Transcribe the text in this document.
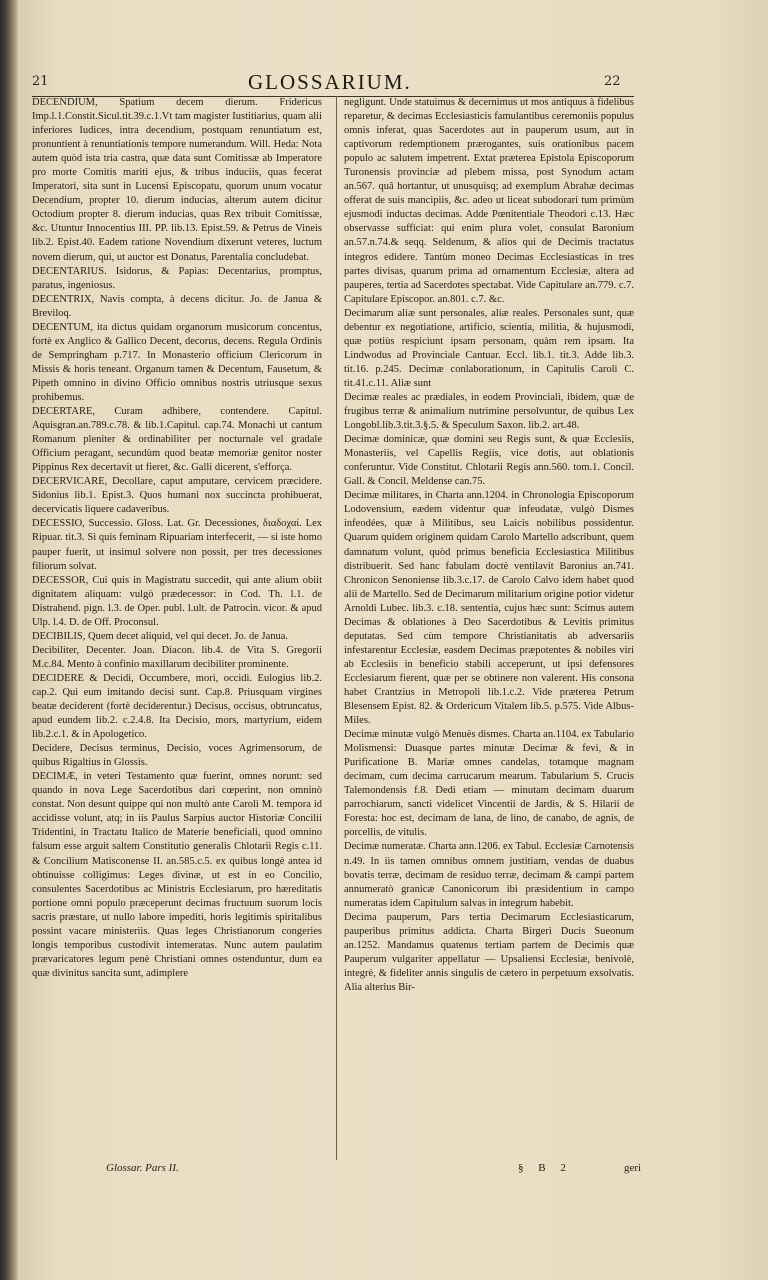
21	GLOSSARIUM.	22

DECENDIUM, Spatium decem dierum. Fridericus Imp.l.1.Constit.Sicul.tit.39.c.1.Vt tam magister Iustitiarius, quam alii inferiores Iudices, intra decendium, postquam renuntiatum est, pronuntient à renuntiationis tempore numerandum. Will. Heda: Nota autem quòd ista tria castra, quæ data sunt Comitissæ ab Imperatore pro morte Comitis mariti ejus, & tribus induciis, quas fecerat Imperatori, sita sunt in Lucensi Episcopatu, quorum unum vocatur Decendium, propter 10. dierum inducias, alterum autem dicitur Octodium propter 8. dierum inducias, quas Rex tribuit Comitissæ, &c. Utuntur Innocentius III. PP. lib.13. Epist.59. & Petrus de Vineis lib.2. Epist.40. Eadem ratione Novendium dixerunt veteres, luctum novem dierum, qui, ut auctor est Donatus, Parentalia concludebat.

DECENTARIUS. Isidorus, & Papias: Decentarius, promptus, paratus, ingeniosus.

DECENTRIX, Navis compta, à decens dicitur. Jo. de Janua & Breviloq.

DECENTUM, ita dictus quidam organorum musicorum concentus, fortè ex Anglico & Gallico Decent, decorus, decens. Regula Ordinis de Sempringham p.717. In Monasterio officium Clericorum in Missis & horis teneant. Organum tamen & Decentum, Fausetum, & Pipeth omnino in divino Officio omnibus nostris utriusque sexus prohibemus.

DECERTARE, Curam adhibere, contendere. Capitul. Aquisgran.an.789.c.78. & lib.1.Capitul. cap.74. Monachi ut cantum Romanum pleniter & ordinabiliter per nocturnale vel gradale Officium peragant, secundùm quod beatæ memoriæ genitor noster Pippinus Rex decertavit ut fieret, &c. Galli dicerent, s'efforça.

DECERVICARE, Decollare, caput amputare, cervicem præcidere. Sidonius lib.1. Epist.3. Quos humani nox succincta prohibuerat, decervicatis liquere cadaveribus.

DECESSIO, Successio. Gloss. Lat. Gr. Decessiones, διαδοχαί. Lex Ripuar. tit.3. Si quis feminam Ripuariam interfecerit, — si iste homo pauper fuerit, ut insimul solvere non possit, per tres decessiones filiorum solvat.

DECESSOR, Cui quis in Magistratu succedit, qui ante alium obiit dignitatem aliquam: vulgò prædecessor: in Cod. Th. l.1. de Distrahend. pign. l.3. de Oper. publ. l.ult. de Patrocin. vicor. & apud Ulp. l.4. D. de Off. Proconsul.

DECIBILIS, Quem decet aliquid, vel qui decet. Jo. de Janua.

Decibiliter, Decenter. Joan. Diacon. lib.4. de Vita S. Gregorii M.c.84. Mento à confinio maxillarum decibiliter prominente.

DECIDERE & Decidi, Occumbere, mori, occidi. Eulogius lib.2. cap.2. Qui eum imitando decisi sunt. Cap.8. Priusquam virgines beatæ deciderent (fortè deciderentur.) Decisus, occisus, obtruncatus, apud eundem lib.2. c.2.4.8. Ita Decisio, mors, martyrium, eidem lib.2.c.1. & in Apologetico.

Decidere, Decisus terminus, Decisio, voces Agrimensorum, de quibus Rigaltius in Glossis.

DECIMÆ, in veteri Testamento quæ fuerint, omnes norunt: sed quando in nova Lege Sacerdotibus dari cœperint, non omninò constat. Non desunt quippe qui non multò ante Caroli M. tempora id accidisse volunt, atq; in iis Paulus Sarpius auctor Historiæ Concilii Tridentini, in Tractatu Italico de Materie beneficiali, quod omnino falsum esse arguit saltem Constitutio generalis Chlotarii Regis c.11. & Concilium Matisconense II. an.585.c.5. ex quibus longè antea id obtinuisse colligimus: Leges divinæ, ut est in eo Concilio, consulentes Sacerdotibus ac Ministris Ecclesiarum, pro hæreditatis portione omni populo præceperunt decimas fructuum suorum locis sacris præstare, ut nullo labore impediti, horis legitimis spiritalibus possint vacare ministeriis. Quas leges Christianorum congeries longis temporibus custodivit intemeratas. Nunc autem paulatim prævaricatores legum penè Christiani omnes ostenduntur, dum ea quæ divinitus sancita sunt, adimplere

negligunt. Unde statuimus & decernimus ut mos antiquus à fidelibus reparetur, & decimas Ecclesiasticis famulantibus ceremoniis populus omnis inferat, quas Sacerdotes aut in pauperum usum, aut in captivorum redemptionem prærogantes, suis orationibus pacem populo ac salutem impetrent. Extat præterea Epistola Episcoporum Turonensis provinciæ ad plebem missa, post Synodum actam an.567. quâ hortantur, ut unusquisq; ad exemplum Abrahæ decimas offerat de suis mancipiis, &c. adeo ut liceat subodorari tum primùm ejusmodi inductas decimas. Adde Pœnitentiale Theodori c.13. Hæc observasse sufficiat: qui enim plura volet, consulat Baronium an.57.n.74.& seqq. Seldenum, & alios qui de Decimis tractatus integros ediderе. Tantùm moneo Decimas Ecclesiasticas in tres partes divisas, quarum prima ad ornamentum Ecclesiæ, altera ad pauperes, tertia ad Sacerdotes spectabat. Vide Capitulare an.779. c.7. Capitulare Episcopor. an.801. c.7. &c.

Decimarum aliæ sunt personales, aliæ reales. Personales sunt, quæ debentur ex negotiatione, artificio, scientia, militia, & hujusmodi, quæ potiùs respiciunt ipsam personam, quàm rem ipsam. Ita Lindwodus ad Provinciale Cantuar. Eccl. lib.1. tit.3. Adde lib.3. tit.16. p.245. Decimæ conlaborationum, in Capitulis Caroli C. tit.41.c.11. Aliæ sunt

Decimæ reales ac prædiales, in eodem Provinciali, ibidem, quæ de frugibus terræ & animalium nutrimine persolvuntur, de quibus Lex Longobl.lib.3.tit.3.§.5. & Speculum Saxon. lib.2. art.48.

Decimæ dominicæ, quæ domini seu Regis sunt, & quæ Ecclesiis, Monasteriis, vel Capellis Regiis, vice dotis, aut oblationis conferuntur. Vide Constitut. Chlotarii Regis ann.560. tom.1. Concil. Gall. & Concil. Meldense can.75.

Decimæ militares, in Charta ann.1204. in Chronologia Episcoporum Lodovensium, eædem videntur quæ infeudatæ, vulgò Dismes infeodées, quæ à Militibus, seu Laicis nobilibus possidentur. Quarum quidem originem quidam Carolo Martello adscribunt, quem damnatum volunt, quòd primus beneficia Ecclesiastica Militibus distribuerit. Sed hanc fabulam doctè ventilavit Baronius an.741. Chronicon Senoniense lib.3.c.17. de Carolo Calvo idem habet quod alii de Martello. Sed de Decimarum militarium origine potior videtur Arnoldi Lubec. lib.3. c.18. sententia, cujus hæc sunt: Scimus autem Decimas & oblationes à Deo Sacerdotibus & Levitis primitus deputatas. Sed cùm tempore Christianitatis ab adversariis infestarentur Ecclesiæ, easdem Decimas præpotentes & nobiles viri ab Ecclesiis in beneficio stabili acceperunt, ut ipsi defensores Ecclesiarum fierent, quæ per se obtinere non valerent. His consona habet Crantzius in Metropoli lib.1.c.2. Vide præterea Petrum Blesensem Epist. 82. & Ordericum Vitalem lib.5. p.575. Vide Albus-Miles.

Decimæ minutæ vulgò Menuës dismes. Charta an.1104. ex Tabulario Molismensi: Duasque partes minutæ Decimæ & fevi, & in Purificatione B. Mariæ omnes candelas, totamque magnam decimam, cum decima carrucarum mearum. Tabularium S. Crucis Talemondensis f.8. Dedi etiam — minutam decimam duarum parrochiarum, sancti videlicet Vincentii de Jardis, & S. Hilarii de Foresta: hoc est, decimam de lana, de lino, de canabo, de agnis, de porcellis, de vitulis.

Decimæ numeratæ. Charta ann.1206. ex Tabul. Ecclesiæ Carnotensis n.49. In iis tamen omnibus omnem justitiam, vendas de duabus bovatis terræ, decimam de residuo terræ, decimam & campi partem annumeratò granicæ Canonicorum ibi præsidentium in campo numeratas idem Capitulum salvas in integrum habebit.

Decima pauperum, Pars tertia Decimarum Ecclesiasticarum, pauperibus primitus addicta. Charta Birgeri Ducis Sueonum an.1252. Mandamus quatenus tertiam partem de Decimis quæ Pauperum vulgariter appellatur — Upsaliensi Ecclesiæ, benivolè, integrè, & fideliter annis singulis de cætero in perpetuum exsolvatis. Alia alterius Bir-

Glossar. Pars II.	§ B 2	geri
